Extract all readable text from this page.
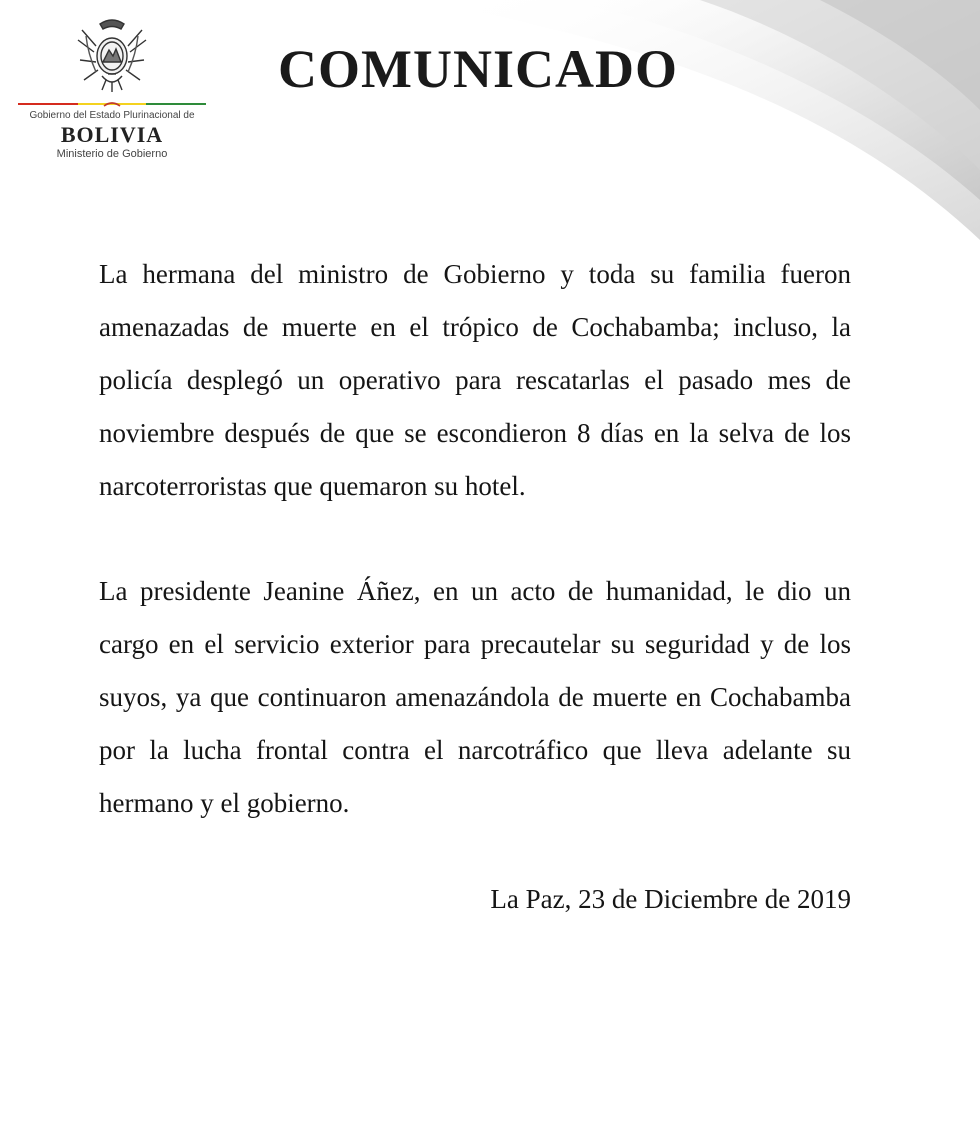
Gobierno del Estado Plurinacional de
BOLIVIA
Ministerio de Gobierno
COMUNICADO

La hermana del ministro de Gobierno y toda su familia fueron amenazadas de muerte en el trópico de Cochabamba; incluso, la policía desplegó un operativo para rescatarlas el pasado mes de noviembre después de que se escondieron 8 días en la selva de los narcoterroristas que quemaron su hotel.

La presidente Jeanine Áñez, en un acto de humanidad, le dio un cargo en el servicio exterior para precautelar su seguridad y de los suyos, ya que continuaron amenazándola de muerte en Cochabamba por la lucha frontal contra el narcotráfico que lleva adelante su hermano y el gobierno.

La Paz, 23 de Diciembre de 2019
